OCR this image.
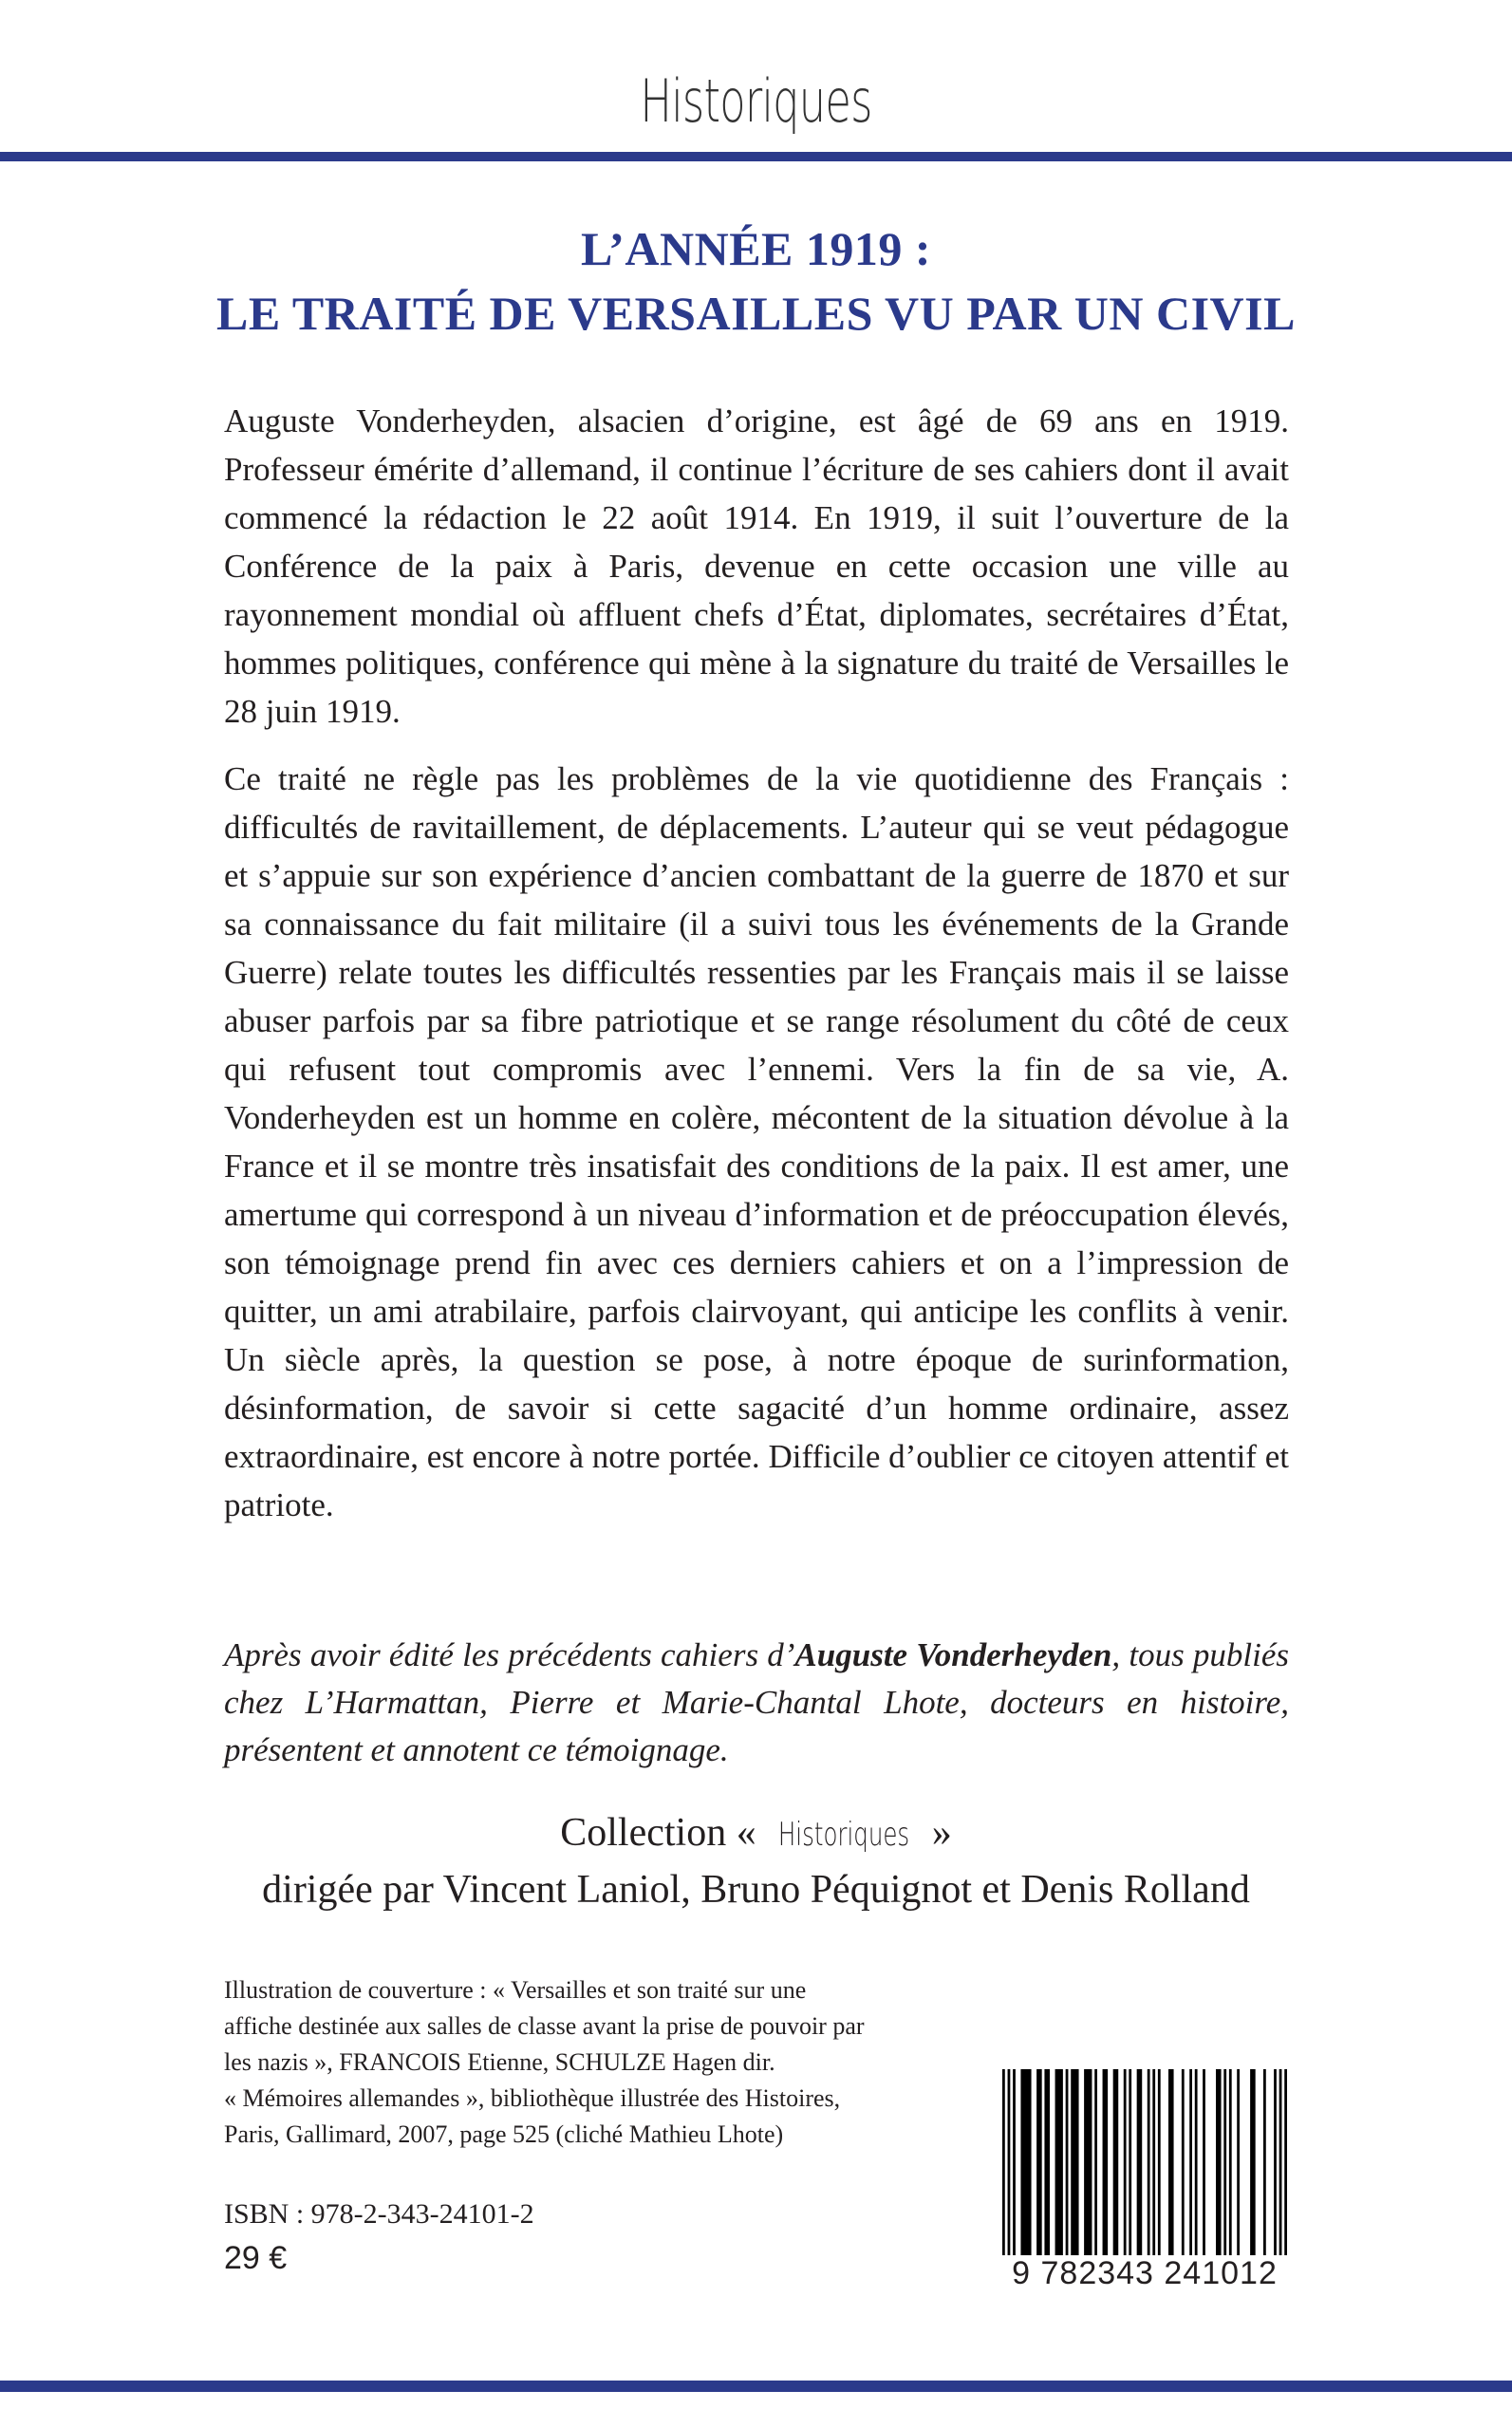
Historiques
L’ANNÉE 1919 :
LE TRAITÉ DE VERSAILLES VU PAR UN CIVIL

Auguste Vonderheyden, alsacien d’origine, est âgé de 69 ans en 1919. Professeur émérite d’allemand, il continue l’écriture de ses cahiers dont il avait commencé la rédaction le 22 août 1914. En 1919, il suit l’ouverture de la Conférence de la paix à Paris, devenue en cette occasion une ville au rayonnement mondial où affluent chefs d’État, diplomates, secrétaires d’État, hommes politiques, conférence qui mène à la signature du traité de Versailles le 28 juin 1919.

Ce traité ne règle pas les problèmes de la vie quotidienne des Français : difficultés de ravitaillement, de déplacements. L’auteur qui se veut pédagogue et s’appuie sur son expérience d’ancien combattant de la guerre de 1870 et sur sa connaissance du fait militaire (il a suivi tous les événements de la Grande Guerre) relate toutes les difficultés ressenties par les Français mais il se laisse abuser parfois par sa fibre patriotique et se range résolument du côté de ceux qui refusent tout compromis avec l’ennemi. Vers la fin de sa vie, A. Vonderheyden est un homme en colère, mécontent de la situation dévolue à la France et il se montre très insatisfait des conditions de la paix. Il est amer, une amertume qui correspond à un niveau d’information et de préoccupation élevés, son témoignage prend fin avec ces derniers cahiers et on a l’impression de quitter, un ami atrabilaire, parfois clairvoyant, qui anticipe les conflits à venir. Un siècle après, la question se pose, à notre époque de surinformation, désinformation, de savoir si cette sagacité d’un homme ordinaire, assez extraordinaire, est encore à notre portée. Difficile d’oublier ce citoyen attentif et patriote.

Après avoir édité les précédents cahiers d’Auguste Vonderheyden, tous publiés chez L’Harmattan, Pierre et Marie-Chantal Lhote, docteurs en histoire, présentent et annotent ce témoignage.
Collection « Historiques »
dirigée par Vincent Laniol, Bruno Péquignot et Denis Rolland
Illustration de couverture : « Versailles et son traité sur une
affiche destinée aux salles de classe avant la prise de pouvoir par
les nazis », FRANCOIS Etienne, SCHULZE Hagen dir.
« Mémoires allemandes », bibliothèque illustrée des Histoires,
Paris, Gallimard, 2007, page 525 (cliché Mathieu Lhote)
ISBN : 978-2-343-24101-2
29 €	9 782343 241012
